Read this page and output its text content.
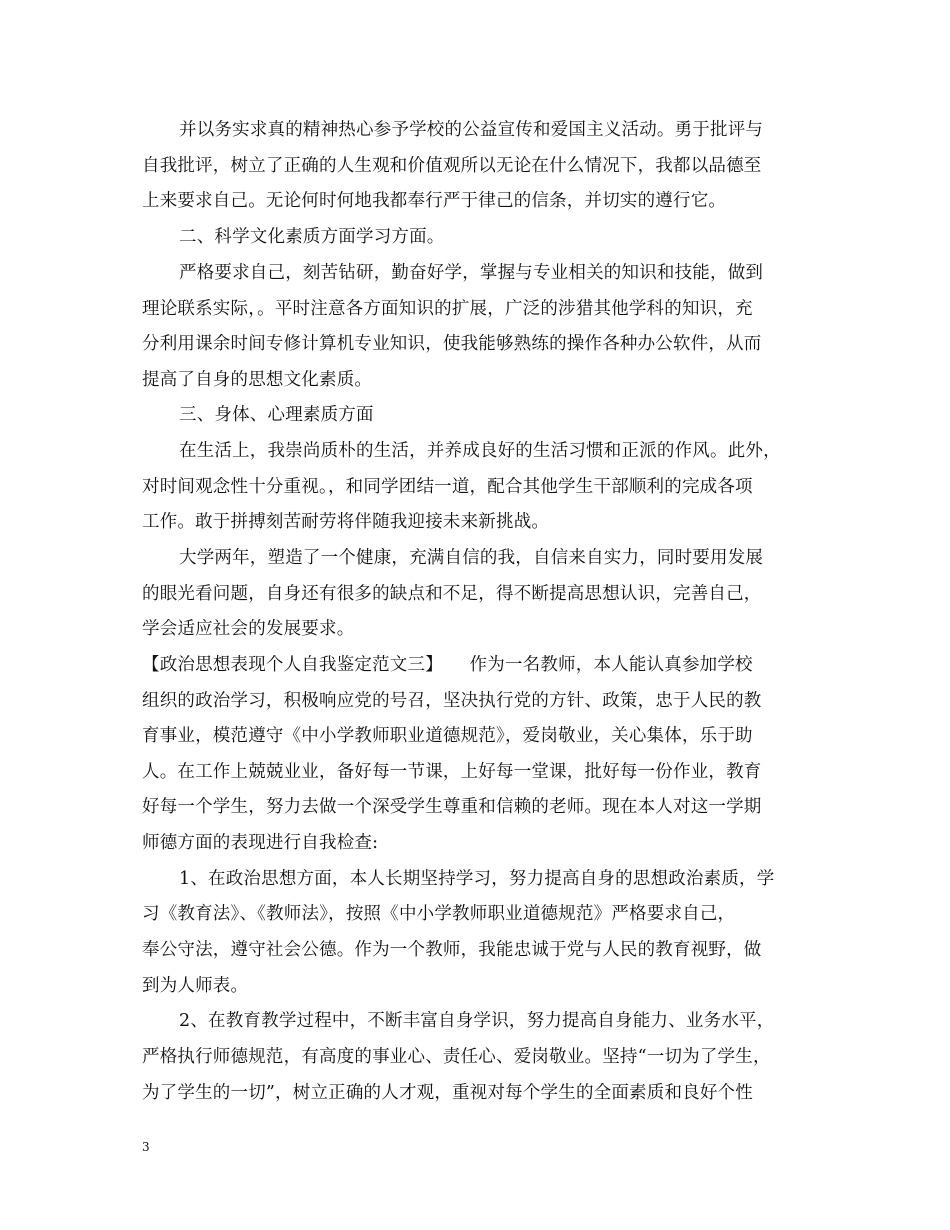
并以务实求真的精神热心参予学校的公益宣传和爱国主义活动。勇于批评与
自我批评，树立了正确的人生观和价值观所以无论在什么情况下，我都以品德至
上来要求自己。无论何时何地我都奉行严于律己的信条，并切实的遵行它。
二、科学文化素质方面学习方面。
严格要求自己，刻苦钻研，勤奋好学，掌握与专业相关的知识和技能，做到
理论联系实际，。平时注意各方面知识的扩展，广泛的涉猎其他学科的知识，充
分利用课余时间专修计算机专业知识，使我能够熟练的操作各种办公软件，从而
提高了自身的思想文化素质。
三、身体、心理素质方面
在生活上，我崇尚质朴的生活，并养成良好的生活习惯和正派的作风。此外，
对时间观念性十分重视。，和同学团结一道，配合其他学生干部顺利的完成各项
工作。敢于拼搏刻苦耐劳将伴随我迎接未来新挑战。
大学两年，塑造了一个健康，充满自信的我，自信来自实力，同时要用发展
的眼光看问题，自身还有很多的缺点和不足，得不断提高思想认识，完善自己，
学会适应社会的发展要求。
【政治思想表现个人自我鉴定范文三】　　作为一名教师，本人能认真参加学校
组织的政治学习，积极响应党的号召，坚决执行党的方针、政策，忠于人民的教
育事业，模范遵守《中小学教师职业道德规范》，爱岗敬业，关心集体，乐于助
人。在工作上兢兢业业，备好每一节课，上好每一堂课，批好每一份作业，教育
好每一个学生，努力去做一个深受学生尊重和信赖的老师。现在本人对这一学期
师德方面的表现进行自我检查:
1、在政治思想方面，本人长期坚持学习，努力提高自身的思想政治素质，学
习《教育法》、《教师法》，按照《中小学教师职业道德规范》严格要求自己，
奉公守法，遵守社会公德。作为一个教师，我能忠诚于党与人民的教育视野，做
到为人师表。
2、在教育教学过程中，不断丰富自身学识，努力提高自身能力、业务水平，
严格执行师德规范，有高度的事业心、责任心、爱岗敬业。坚持“一切为了学生，
为了学生的一切”，树立正确的人才观，重视对每个学生的全面素质和良好个性
3
